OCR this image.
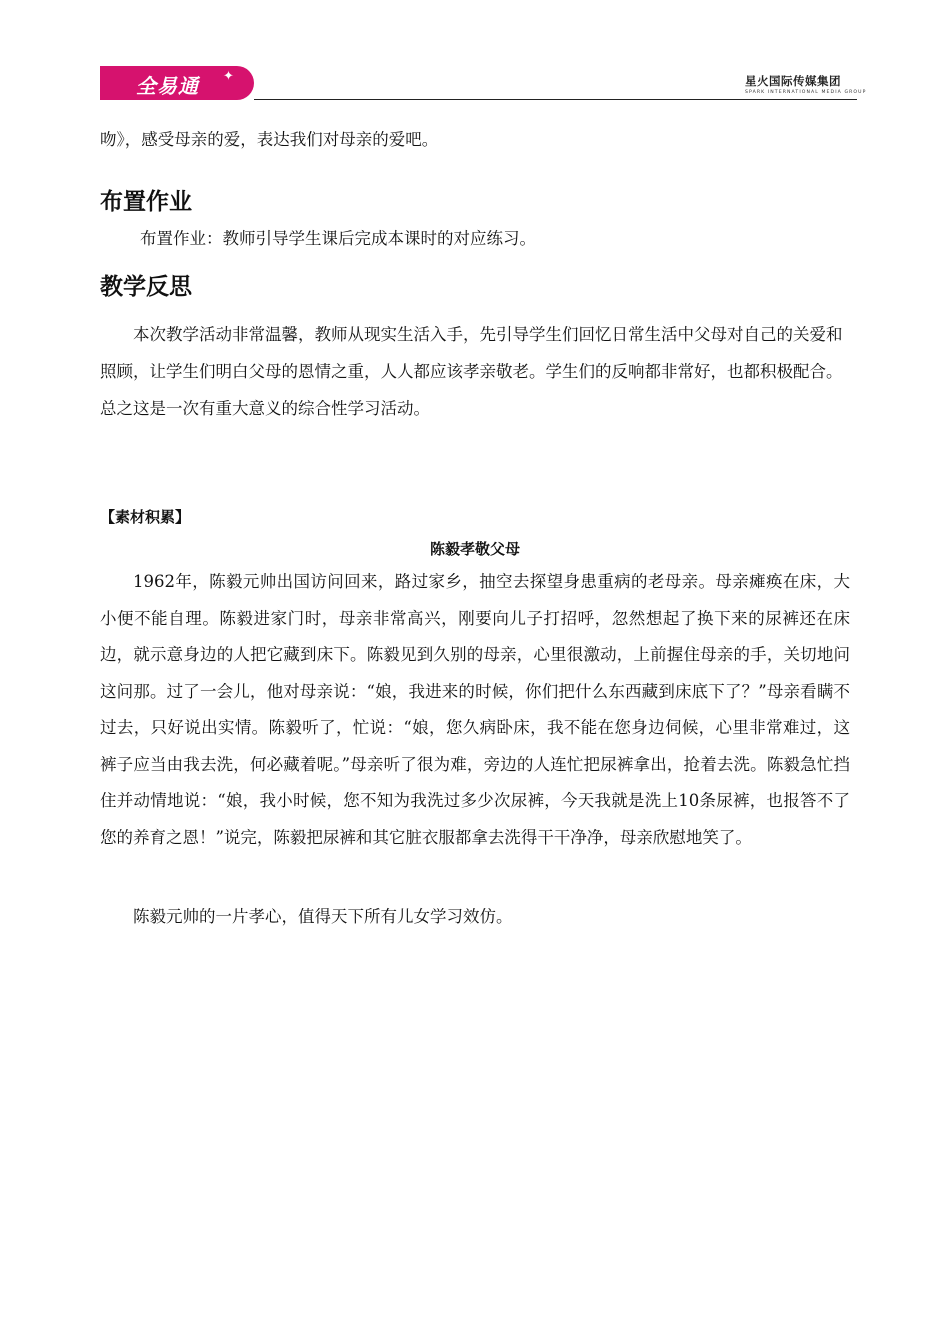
全易通 ✦	星火国际传媒集团
SPARK INTERNATIONAL MEDIA GROUP
吻》，感受母亲的爱，表达我们对母亲的爱吧。
布置作业
布置作业：教师引导学生课后完成本课时的对应练习。
教学反思
本次教学活动非常温馨，教师从现实生活入手，先引导学生们回忆日常生活中父母对自己的关爱和照顾，让学生们明白父母的恩情之重，人人都应该孝亲敬老。学生们的反响都非常好，也都积极配合。总之这是一次有重大意义的综合性学习活动。
【素材积累】
陈毅孝敬父母
1962年，陈毅元帅出国访问回来，路过家乡，抽空去探望身患重病的老母亲。母亲瘫痪在床，大小便不能自理。陈毅进家门时，母亲非常高兴，刚要向儿子打招呼，忽然想起了换下来的尿裤还在床边，就示意身边的人把它藏到床下。陈毅见到久别的母亲，心里很激动，上前握住母亲的手，关切地问这问那。过了一会儿，他对母亲说：“娘，我进来的时候，你们把什么东西藏到床底下了？”母亲看瞒不过去，只好说出实情。陈毅听了，忙说：“娘，您久病卧床，我不能在您身边伺候，心里非常难过，这裤子应当由我去洗，何必藏着呢。”母亲听了很为难，旁边的人连忙把尿裤拿出，抢着去洗。陈毅急忙挡住并动情地说：“娘，我小时候，您不知为我洗过多少次尿裤，今天我就是洗上10条尿裤，也报答不了您的养育之恩！”说完，陈毅把尿裤和其它脏衣服都拿去洗得干干净净，母亲欣慰地笑了。
陈毅元帅的一片孝心，值得天下所有儿女学习效仿。
